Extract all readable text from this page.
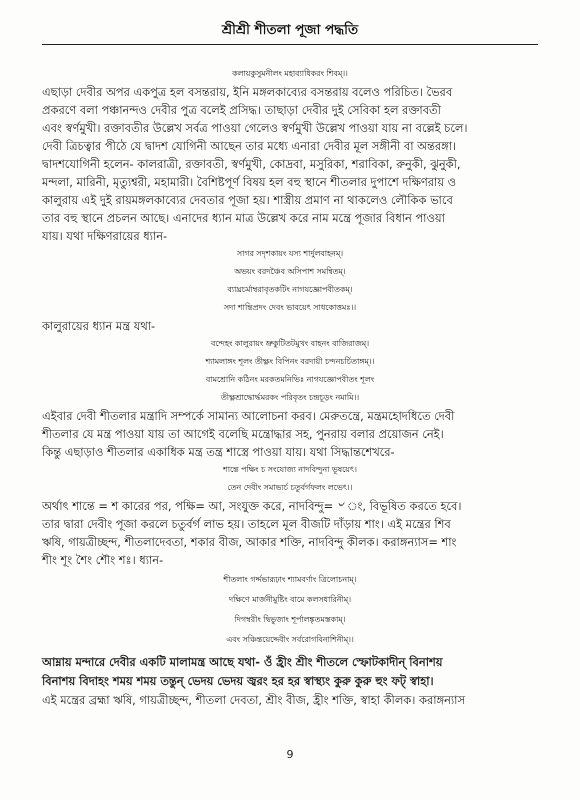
শ্রীশ্রী শীতলা পূজা পদ্ধতি
কলায়কুসুমনীলং মহাব্যাধিকরং শিবম্।।
এছাড়া দেবীর অপর একপুত্র হল বসন্তরায়, ইনি মঙ্গলকাব্যের বসন্তরায় বলেও পরিচিত। ভৈরব
প্রকরণে বলা পঞ্চানন্দও দেবীর পুত্র বলেই প্রসিদ্ধ। তাছাড়া দেবীর দুই সেবিকা হল রক্তাবতী
এবং স্বর্ণমুখী। রক্তাবতীর উল্লেখ সর্বত্র পাওয়া গেলেও স্বর্ণমুখী উল্লেখ পাওয়া যায় না বল্লেই চলে।
দেবী ত্রিচত্বার পীঠে যে দ্বাদশ যোগিনী আছেন তার মধ্যে এনারা দেবীর মূল সঙ্গীনী বা অন্তরঙ্গা।
দ্বাদশযোগিনী হলেন- কালরাত্রী, রক্তাবতী, স্বর্ণমুখী, কোদ্রবা, মসুরিকা, শরাবিকা, রুনুকী, ঝুনুকী,
মন্দলা, মারিনী, মৃত্যুশ্বরী, মহামারী। বৈশিষ্টপূর্ণ বিষয় হল বহু স্থানে শীতলার দুপাশে দক্ষিণরায় ও
কালুরায় এই দুই রায়মঙ্গলকাব্যের দেবতার পূজা হয়। শাস্ত্রীয় প্রমাণ না থাকলেও লৌকিক ভাবে
তার বহু স্থানে প্রচলন আছে। এনাদের ধ্যান মাত্র উল্লেখ করে নাম মন্ত্রে পূজার বিধান পাওয়া
যায়। যথা দক্ষিণরায়ের ধ্যান-
সাগর সদৃশকায়ং যস্য শার্দুলবাহনম্।
অভয়ং বরদঞ্চৈব অসিপাশ সমন্বিতম্।
ব্যাঘ্রচর্মাম্বরাবৃতকটিং নাগযজ্ঞোপবীতকম্।
সদা শান্তিপ্রদং দেবং ভাবয়েৎ সাধকোত্তমঃ।।
কালুরায়ের ধ্যান মন্ত্র যথা-
বন্দেহং কালুরায়ং ভ্রুকুটিতটমুখং বাহনং বাজিরাজম্।
শ্যামলাঙ্গং শূলং তীক্ষ্ণং বিপিনং বরদায়ী চন্দনচর্চিতাঙ্গম্।।
বামশ্রোনি কঠিনং মরকতমনিভিঃ নাগযজ্ঞোপবীতং শূলং
তীক্ষ্ণশ্রাদ্ধোর্দ্ধমরকং পরিবৃতং চন্দ্রচূড়ং নমামি।।
এইবার দেবী শীতলার মন্ত্রাদি সম্পর্কে সামান্য আলোচনা করব। মেরুতন্ত্রে, মন্ত্রমহোদধিতে দেবী
শীতলার যে মন্ত্র পাওয়া যায় তা আগেই বলেছি মন্ত্রোদ্ধার সহ, পুনরায় বলার প্রয়োজন নেই।
কিন্তু এছাড়াও শীতলার একাধিক মন্ত্র তন্ত্র শাস্ত্রে পাওয়া যায়। যথা সিদ্ধান্তশেখরে-
শান্তে পক্ষিং চ সংযোজ্য নাদবিন্দুনা ভূষয়েৎ।
তেন দেবীং সমাভ্যর্চ চতুর্বর্গফলং লভেৎ।।
অর্থাৎ শান্তে = শ কারের পর, পক্ষি= আ, সংযুক্ত করে, নাদবিন্দু= ৺ ং, বিভূষিত করতে হবে।
তার দ্বারা দেবীং পূজা করলে চতুর্বর্গ লাভ হয়। তাহলে মূল বীজটি দাঁড়ায় শাং। এই মন্ত্রের শিব
ঋষি, গায়ত্রীচ্ছন্দ, শীতলাদেবতা, শকার বীজ, আকার শক্তি, নাদবিন্দু কীলক। করাঙ্গন্যাস= শাং
শীং শূং শৈং শৌং শঃ। ধ্যান-
শীতলাং গর্দ্দভারূঢ়াং শ্যামবর্ণাং ত্রিলোচনাম্।
দক্ষিণে মার্জনীমুষ্টিং বামে কলসধারিনীম্।
দিগম্বরীং দ্বিভুজাং শূর্পালঙ্কৃতমস্তকাম্।
এবং সঞ্চিন্তয়েদ্দেবীং সর্বরোগবিনাশিনীম্।।
আম্নায় মন্দারে দেবীর একটি মালামন্ত্র আছে যথা- ওঁ হ্রীং শ্রীং শীতলে স্ফোটকাদীন্ বিনাশয়
বিনাশয় বিদাহং শময় শময় তন্তুন্ ভেদয় ভেদয় জ্বরং হর হর স্বাস্থ্যং কুরু কুরু হুং ফট্ স্বাহা।
এই মন্ত্রের ব্রহ্মা ঋষি, গায়ত্রীচ্ছন্দ, শীতলা দেবতা, শ্রীং বীজ, হ্রীং শক্তি, স্বাহা কীলক। করাঙ্গন্যাস
9
